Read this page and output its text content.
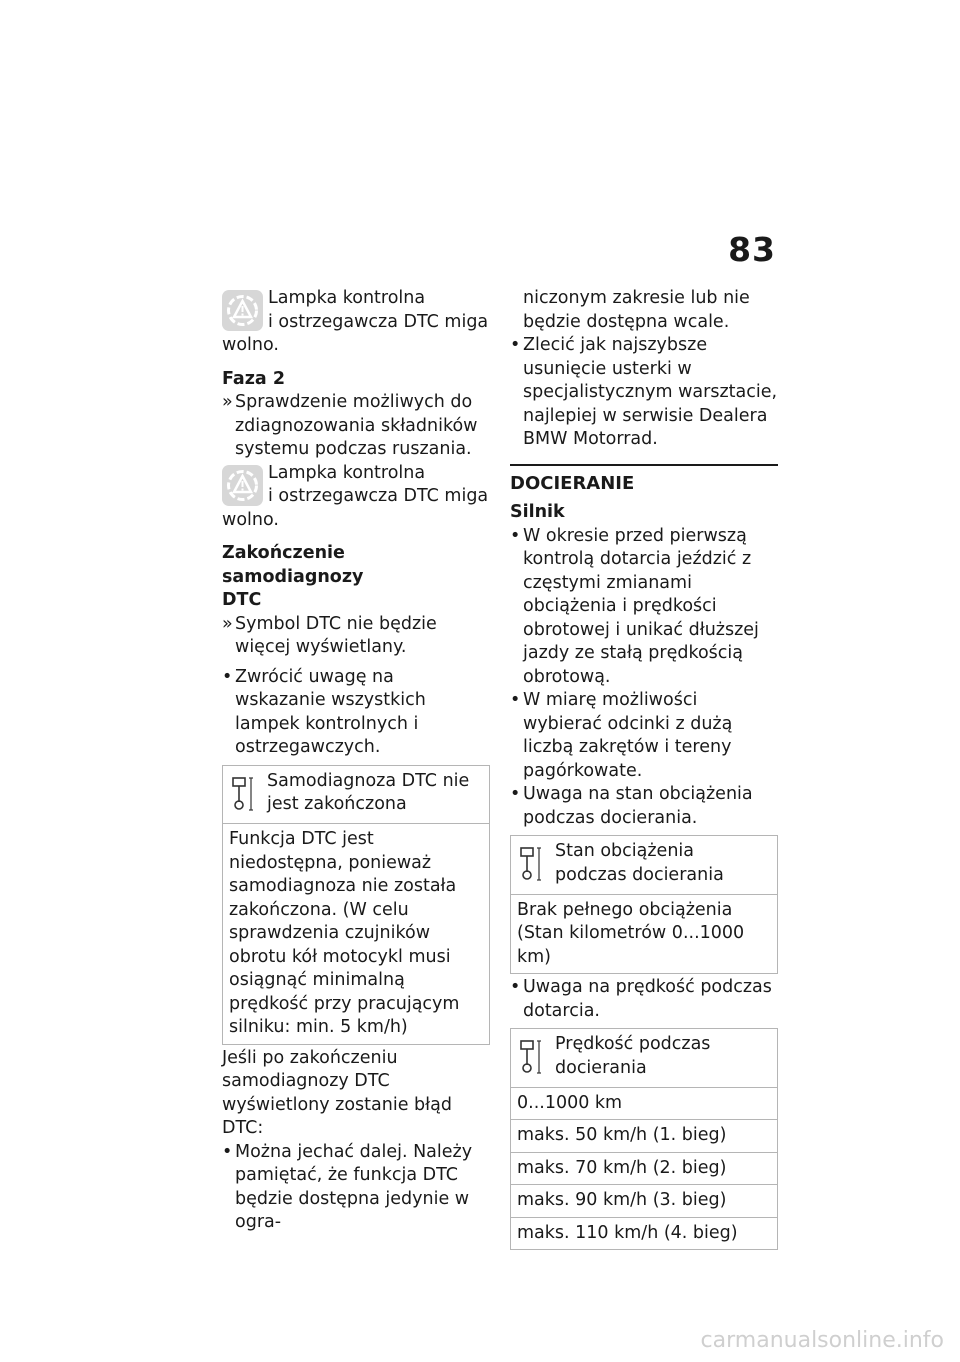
83
Lampka kontrolna
i ostrzegawcza DTC miga
wolno.

Faza 2

» Sprawdzenie możliwych do zdiagnozowania składników systemu podczas ruszania.
Lampka kontrolna
i ostrzegawcza DTC miga
wolno.

Zakończenie samodiagnozy
DTC

» Symbol DTC nie będzie więcej wyświetlany.
• Zwrócić uwagę na wskazanie wszystkich lampek kontrolnych i ostrzegawczych.
Samodiagnoza DTC nie jest zakończona

Funkcja DTC jest niedostępna, ponieważ samodiagnoza nie została zakończona. (W celu sprawdzenia czujników obrotu kół motocykl musi osiągnąć minimalną prędkość przy pracującym silniku: min. 5 km/h)

Jeśli po zakończeniu samodiagnozy DTC wyświetlony zostanie błąd DTC:

• Można jechać dalej. Należy pamiętać, że funkcja DTC będzie dostępna jedynie w ogra-
niczonym zakresie lub nie będzie dostępna wcale.
• Zlecić jak najszybsze usunięcie usterki w specjalistycznym warsztacie, najlepiej w serwisie Dealera BMW Motorrad.
DOCIERANIE

Silnik

• W okresie przed pierwszą kontrolą dotarcia jeździć z częstymi zmianami obciążenia i prędkości obrotowej i unikać dłuższej jazdy ze stałą prędkością obrotową.
• W miarę możliwości wybierać odcinki z dużą liczbą zakrętów i tereny pagórkowate.
• Uwaga na stan obciążenia podczas docierania.
Stan obciążenia podczas docierania

Brak pełnego obciążenia (Stan kilometrów 0...1000 km)
• Uwaga na prędkość podczas dotarcia.
Prędkość podczas docierania

0...1000 km
maks. 50 km/h (1. bieg)
maks. 70 km/h (2. bieg)
maks. 90 km/h (3. bieg)
maks. 110 km/h (4. bieg)
carmanualsonline.info
